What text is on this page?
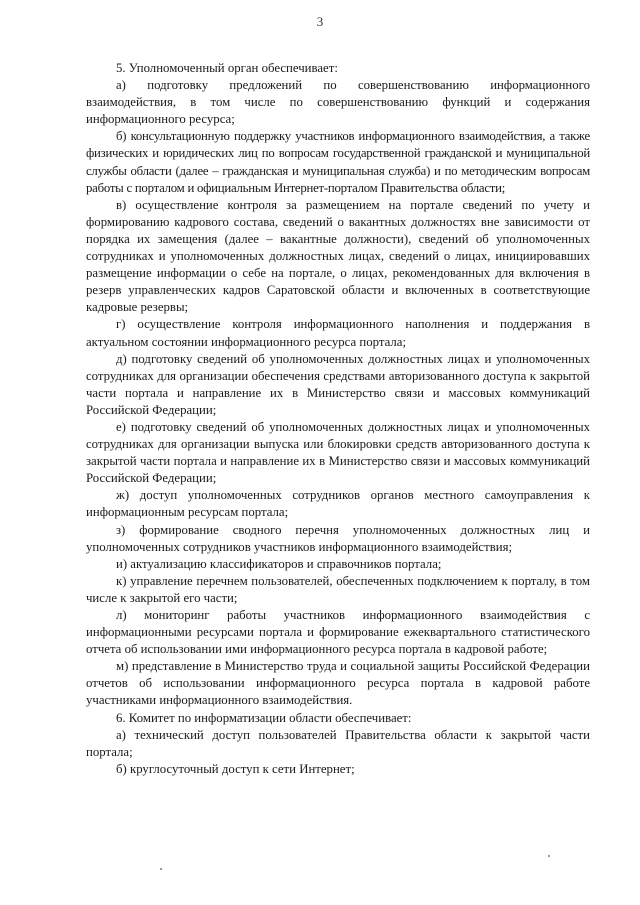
3

5. Уполномоченный орган обеспечивает:

а) подготовку предложений по совершенствованию информационного взаимодействия, в том числе по совершенствованию функций и содержания информационного ресурса;

б) консультационную поддержку участников информационного взаимодействия, а также физических и юридических лиц по вопросам государственной гражданской и муниципальной службы области (далее – гражданская и муниципальная служба) и по методическим вопросам работы с порталом и официальным Интернет-порталом Правительства области;

в) осуществление контроля за размещением на портале сведений по учету и формированию кадрового состава, сведений о вакантных должностях вне зависимости от порядка их замещения (далее – вакантные должности), сведений об уполномоченных сотрудниках и уполномоченных должностных лицах, сведений о лицах, инициировавших размещение информации о себе на портале, о лицах, рекомендованных для включения в резерв управленческих кадров Саратовской области и включенных в соответствующие кадровые резервы;

г) осуществление контроля информационного наполнения и поддержания в актуальном состоянии информационного ресурса портала;

д) подготовку сведений об уполномоченных должностных лицах и уполномоченных сотрудниках для организации обеспечения средствами авторизованного доступа к закрытой части портала и направление их в Министерство связи и массовых коммуникаций Российской Федерации;

е) подготовку сведений об уполномоченных должностных лицах и уполномоченных сотрудниках для организации выпуска или блокировки средств авторизованного доступа к закрытой части портала и направление их в Министерство связи и массовых коммуникаций Российской Федерации;

ж) доступ уполномоченных сотрудников органов местного самоуправления к информационным ресурсам портала;

з) формирование сводного перечня уполномоченных должностных лиц и уполномоченных сотрудников участников информационного взаимодействия;

и) актуализацию классификаторов и справочников портала;

к) управление перечнем пользователей, обеспеченных подключением к порталу, в том числе к закрытой его части;

л) мониторинг работы участников информационного взаимодействия с информационными ресурсами портала и формирование ежеквартального статистического отчета об использовании ими информационного ресурса портала в кадровой работе;

м) представление в Министерство труда и социальной защиты Российской Федерации отчетов об использовании информационного ресурса портала в кадровой работе участниками информационного взаимодействия.

6. Комитет по информатизации области обеспечивает:

а) технический доступ пользователей Правительства области к закрытой части портала;

б) круглосуточный доступ к сети Интернет;
